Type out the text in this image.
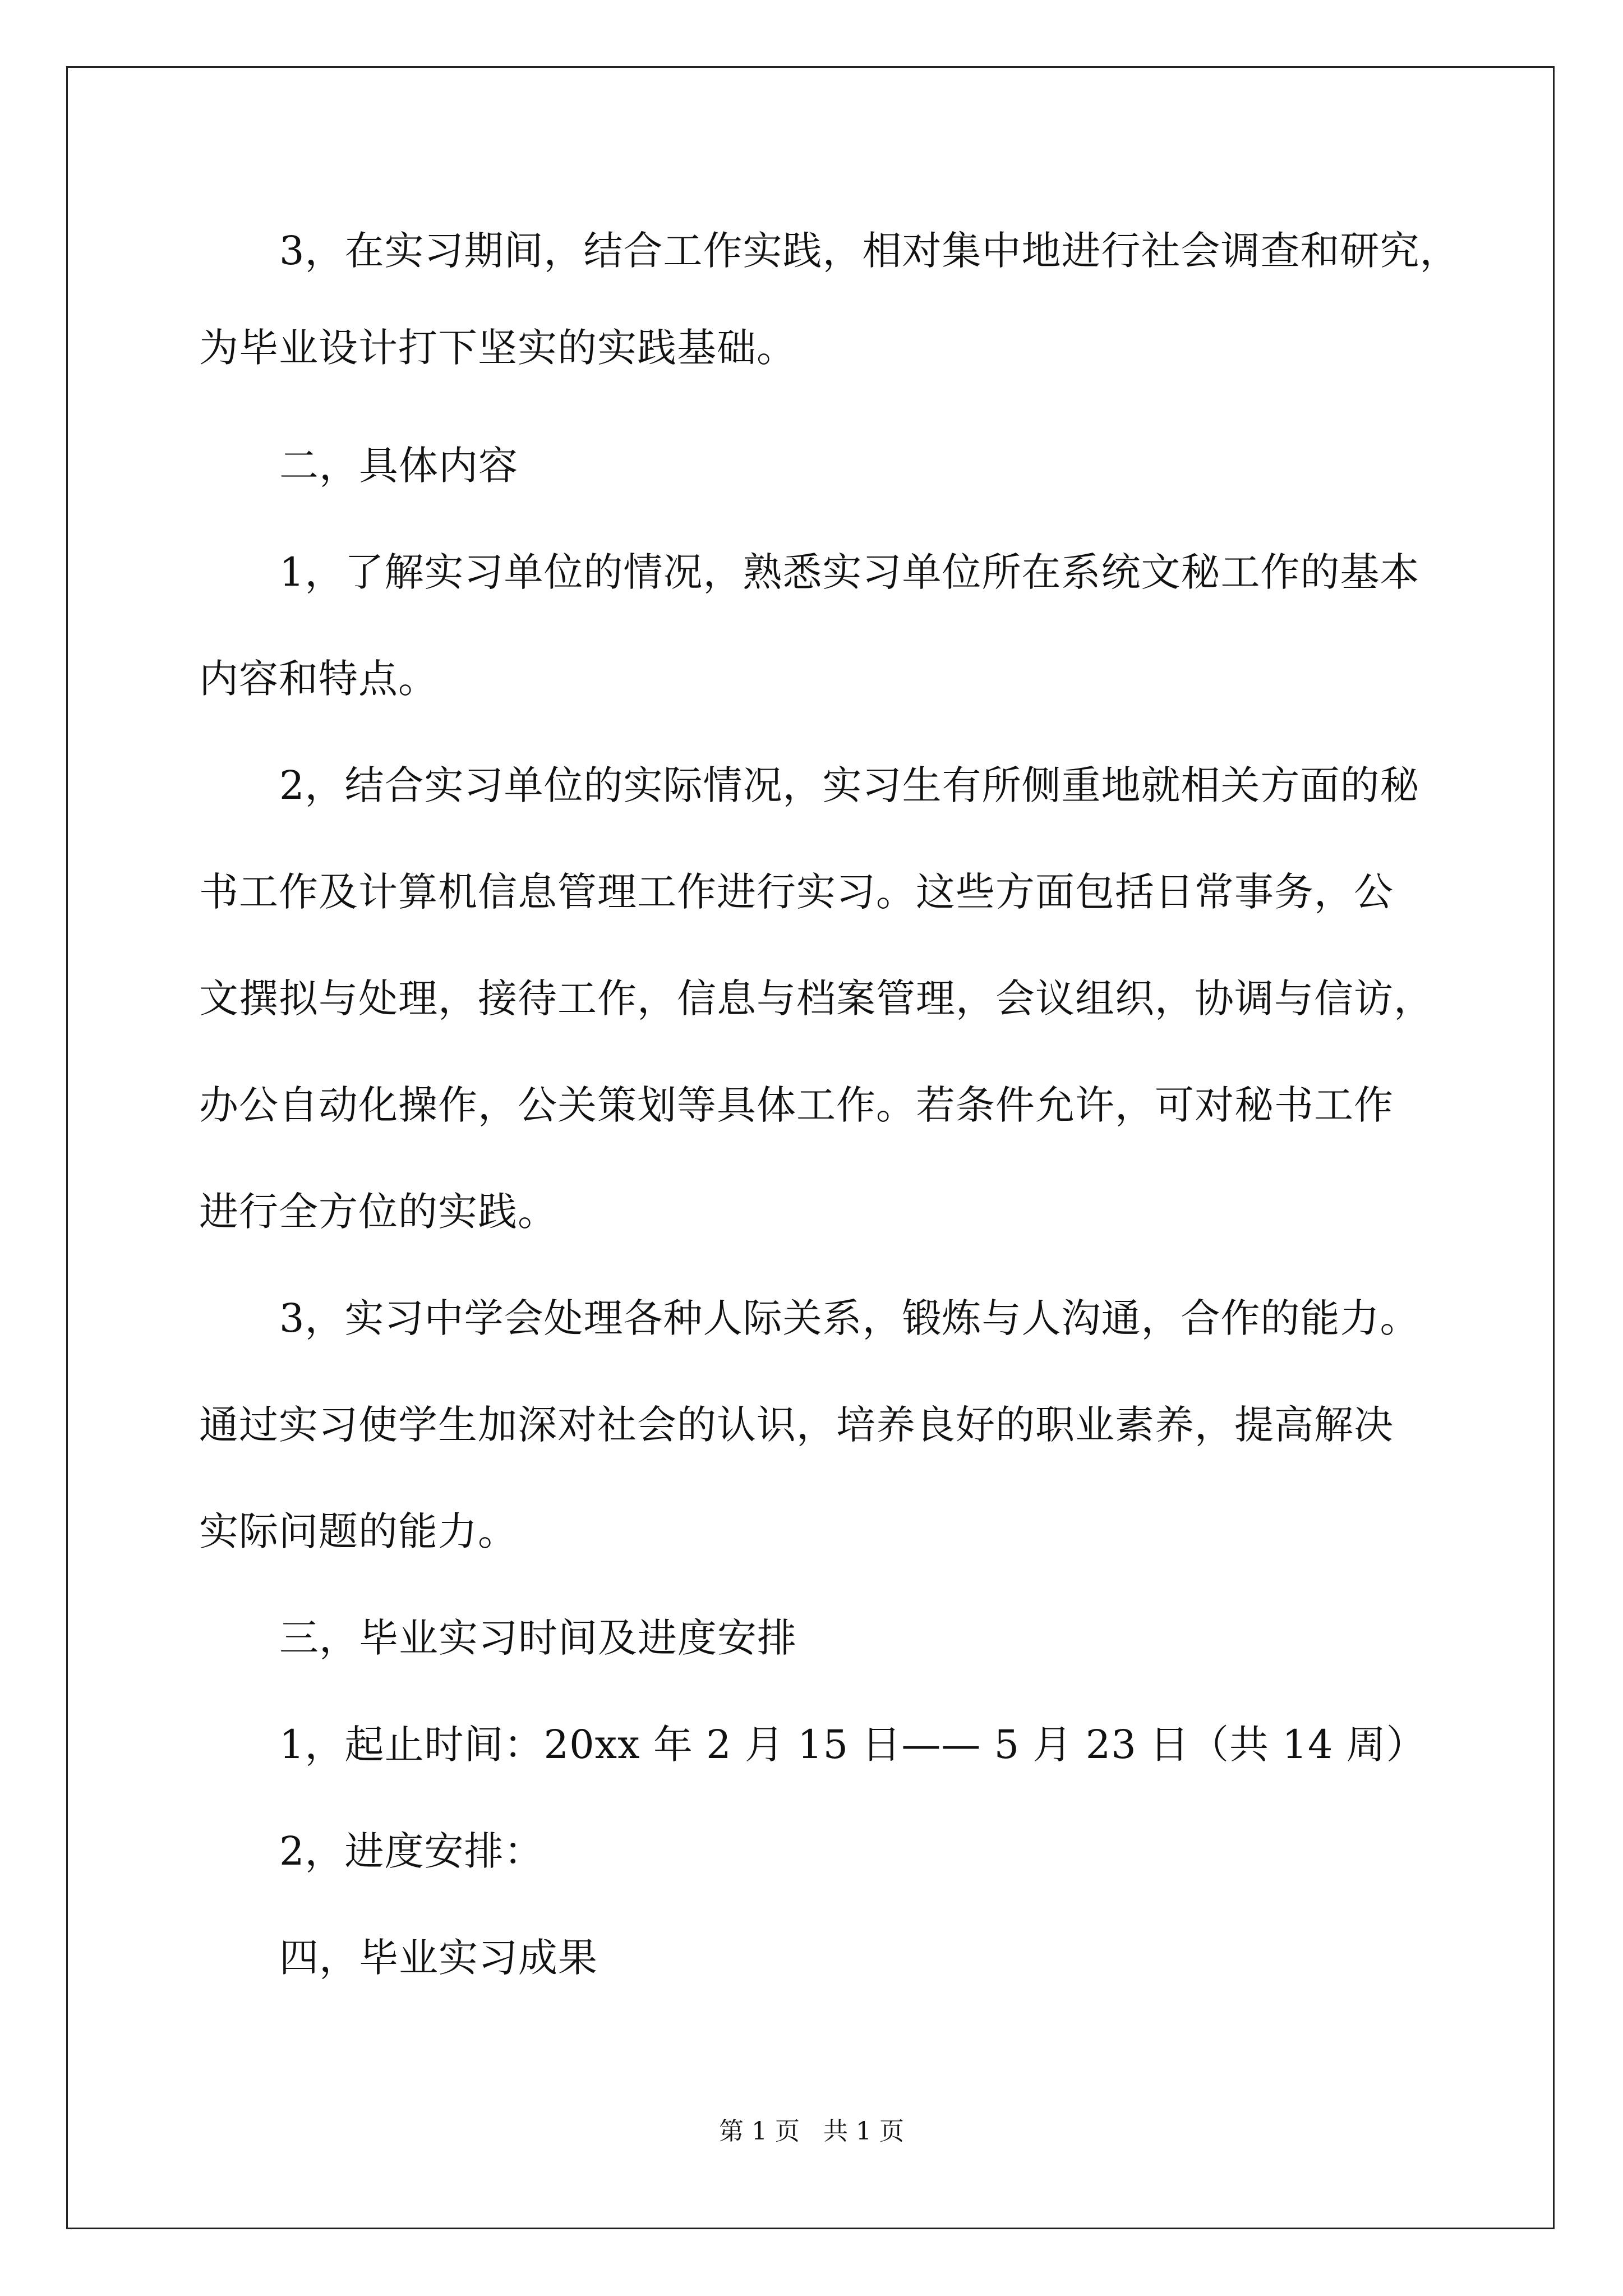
3，在实习期间，结合工作实践，相对集中地进行社会调查和研究，
为毕业设计打下坚实的实践基础。
二，具体内容
1，了解实习单位的情况，熟悉实习单位所在系统文秘工作的基本
内容和特点。
2，结合实习单位的实际情况，实习生有所侧重地就相关方面的秘
书工作及计算机信息管理工作进行实习。这些方面包括日常事务，公
文撰拟与处理，接待工作，信息与档案管理，会议组织，协调与信访，
办公自动化操作，公关策划等具体工作。若条件允许，可对秘书工作
进行全方位的实践。
3，实习中学会处理各种人际关系，锻炼与人沟通，合作的能力。
通过实习使学生加深对社会的认识，培养良好的职业素养，提高解决
实际问题的能力。
三，毕业实习时间及进度安排
1，起止时间：20xx 年 2 月 15 日—— 5 月 23 日（共 14 周）
2，进度安排：
四，毕业实习成果
第 1 页   共 1 页
